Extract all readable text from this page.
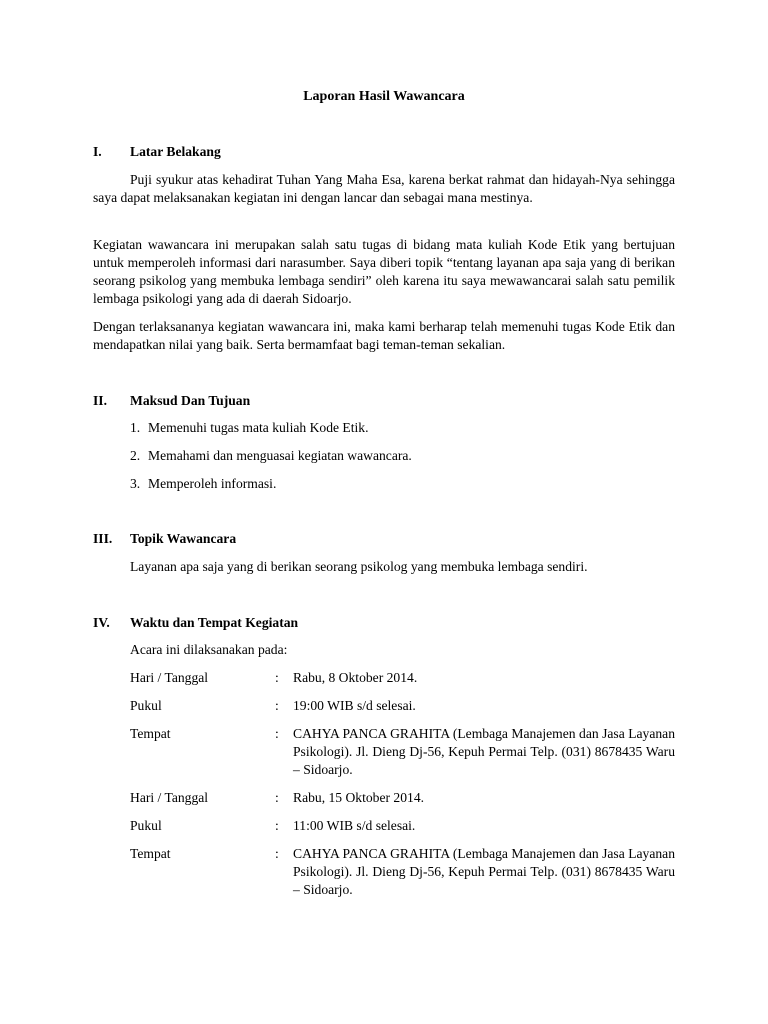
Laporan Hasil Wawancara
I. Latar Belakang

Puji syukur atas kehadirat Tuhan Yang Maha Esa, karena berkat rahmat dan hidayah-Nya sehingga saya dapat melaksanakan kegiatan ini dengan lancar dan sebagai mana mestinya.

Kegiatan wawancara ini merupakan salah satu tugas di bidang mata kuliah Kode Etik yang bertujuan untuk memperoleh informasi dari narasumber. Saya diberi topik “tentang layanan apa saja yang di berikan seorang psikolog yang membuka lembaga sendiri” oleh karena itu saya mewawancarai salah satu pemilik lembaga psikologi yang ada di daerah Sidoarjo.

Dengan terlaksananya kegiatan wawancara ini, maka kami berharap telah memenuhi tugas Kode Etik dan mendapatkan nilai yang baik. Serta bermamfaat bagi teman-teman sekalian.

II. Maksud Dan Tujuan
1. Memenuhi tugas mata kuliah Kode Etik.
2. Memahami dan menguasai kegiatan wawancara.
3. Memperoleh informasi.
III. Topik Wawancara
Layanan apa saja yang di berikan seorang psikolog yang membuka lembaga sendiri.
IV. Waktu dan Tempat Kegiatan
Acara ini dilaksanakan pada:
Hari / Tanggal	: Rabu, 8 Oktober 2014.
Pukul	: 19:00 WIB s/d selesai.
Tempat	: CAHYA PANCA GRAHITA (Lembaga Manajemen dan Jasa Layanan Psikologi). Jl. Dieng Dj-56, Kepuh Permai Telp. (031) 8678435 Waru – Sidoarjo.
Hari / Tanggal	: Rabu, 15 Oktober 2014.
Pukul	: 11:00 WIB s/d selesai.
Tempat	: CAHYA PANCA GRAHITA (Lembaga Manajemen dan Jasa Layanan Psikologi). Jl. Dieng Dj-56, Kepuh Permai Telp. (031) 8678435 Waru – Sidoarjo.
